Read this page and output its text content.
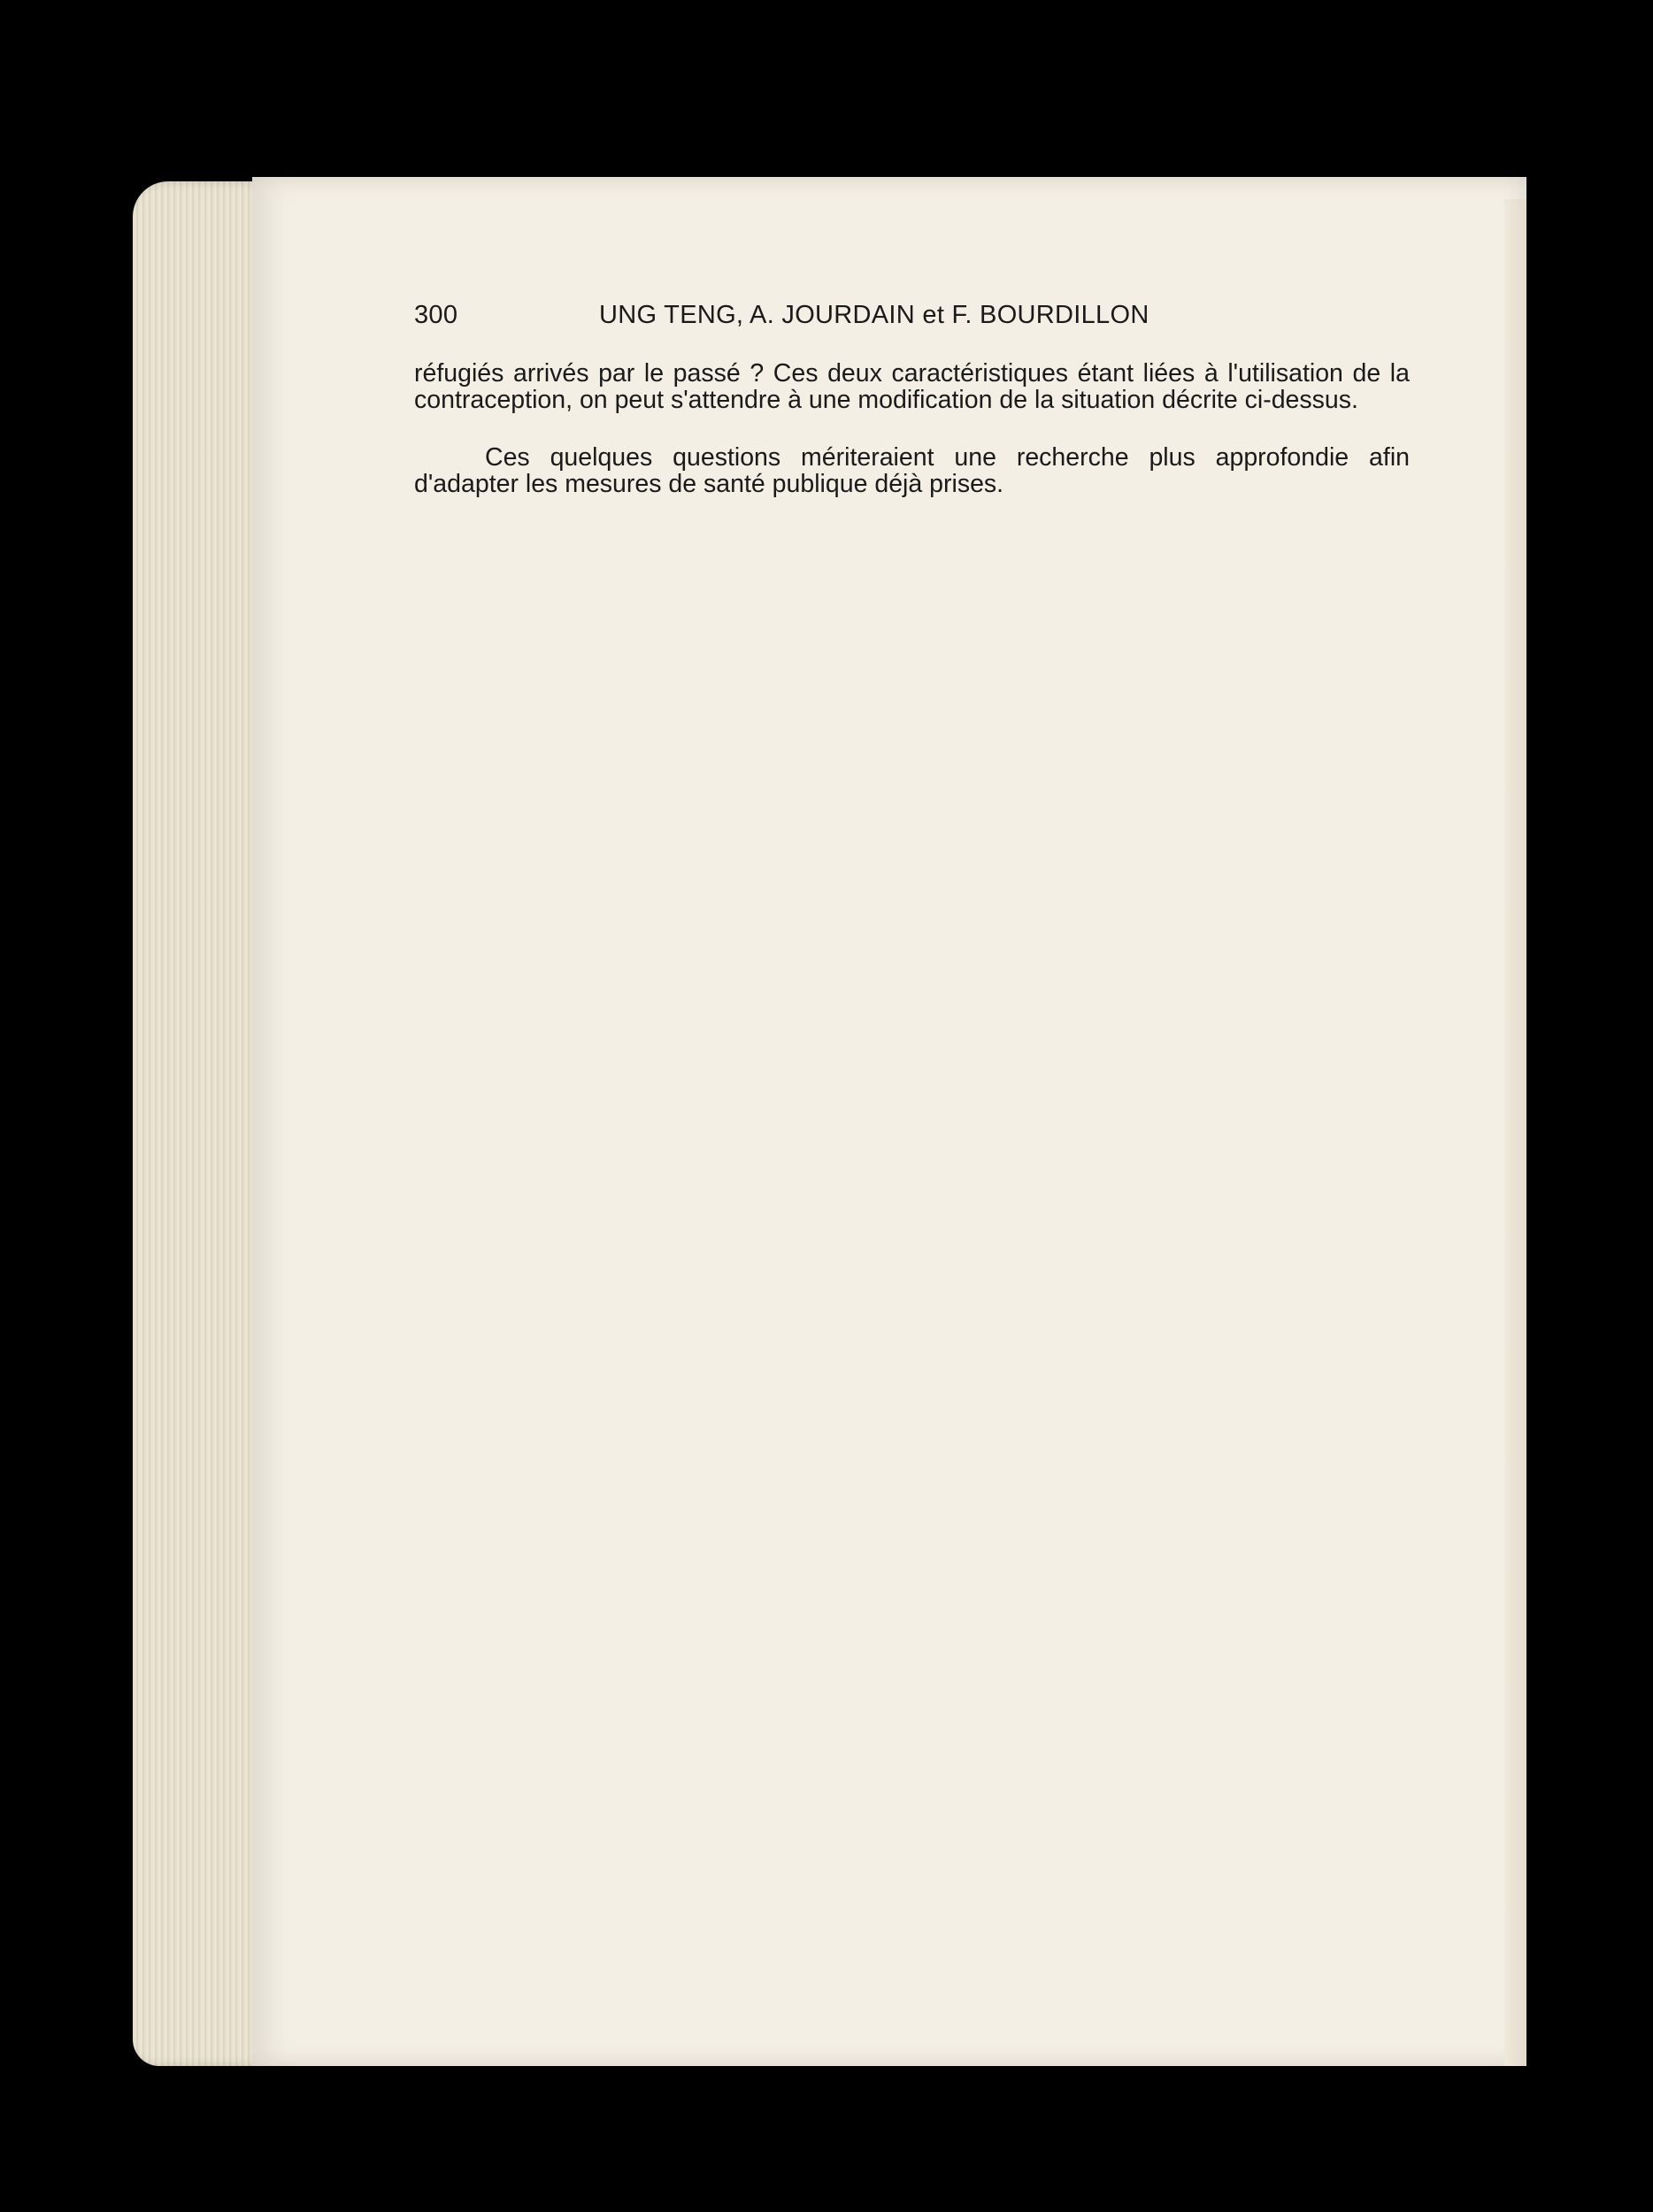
300	UNG TENG, A. JOURDAIN et F. BOURDILLON

réfugiés arrivés par le passé ? Ces deux caractéristiques étant liées à l'utilisation de la contraception, on peut s'attendre à une modification de la situation décrite ci-dessus.

Ces quelques questions mériteraient une recherche plus approfondie afin d'adapter les mesures de santé publique déjà prises.
